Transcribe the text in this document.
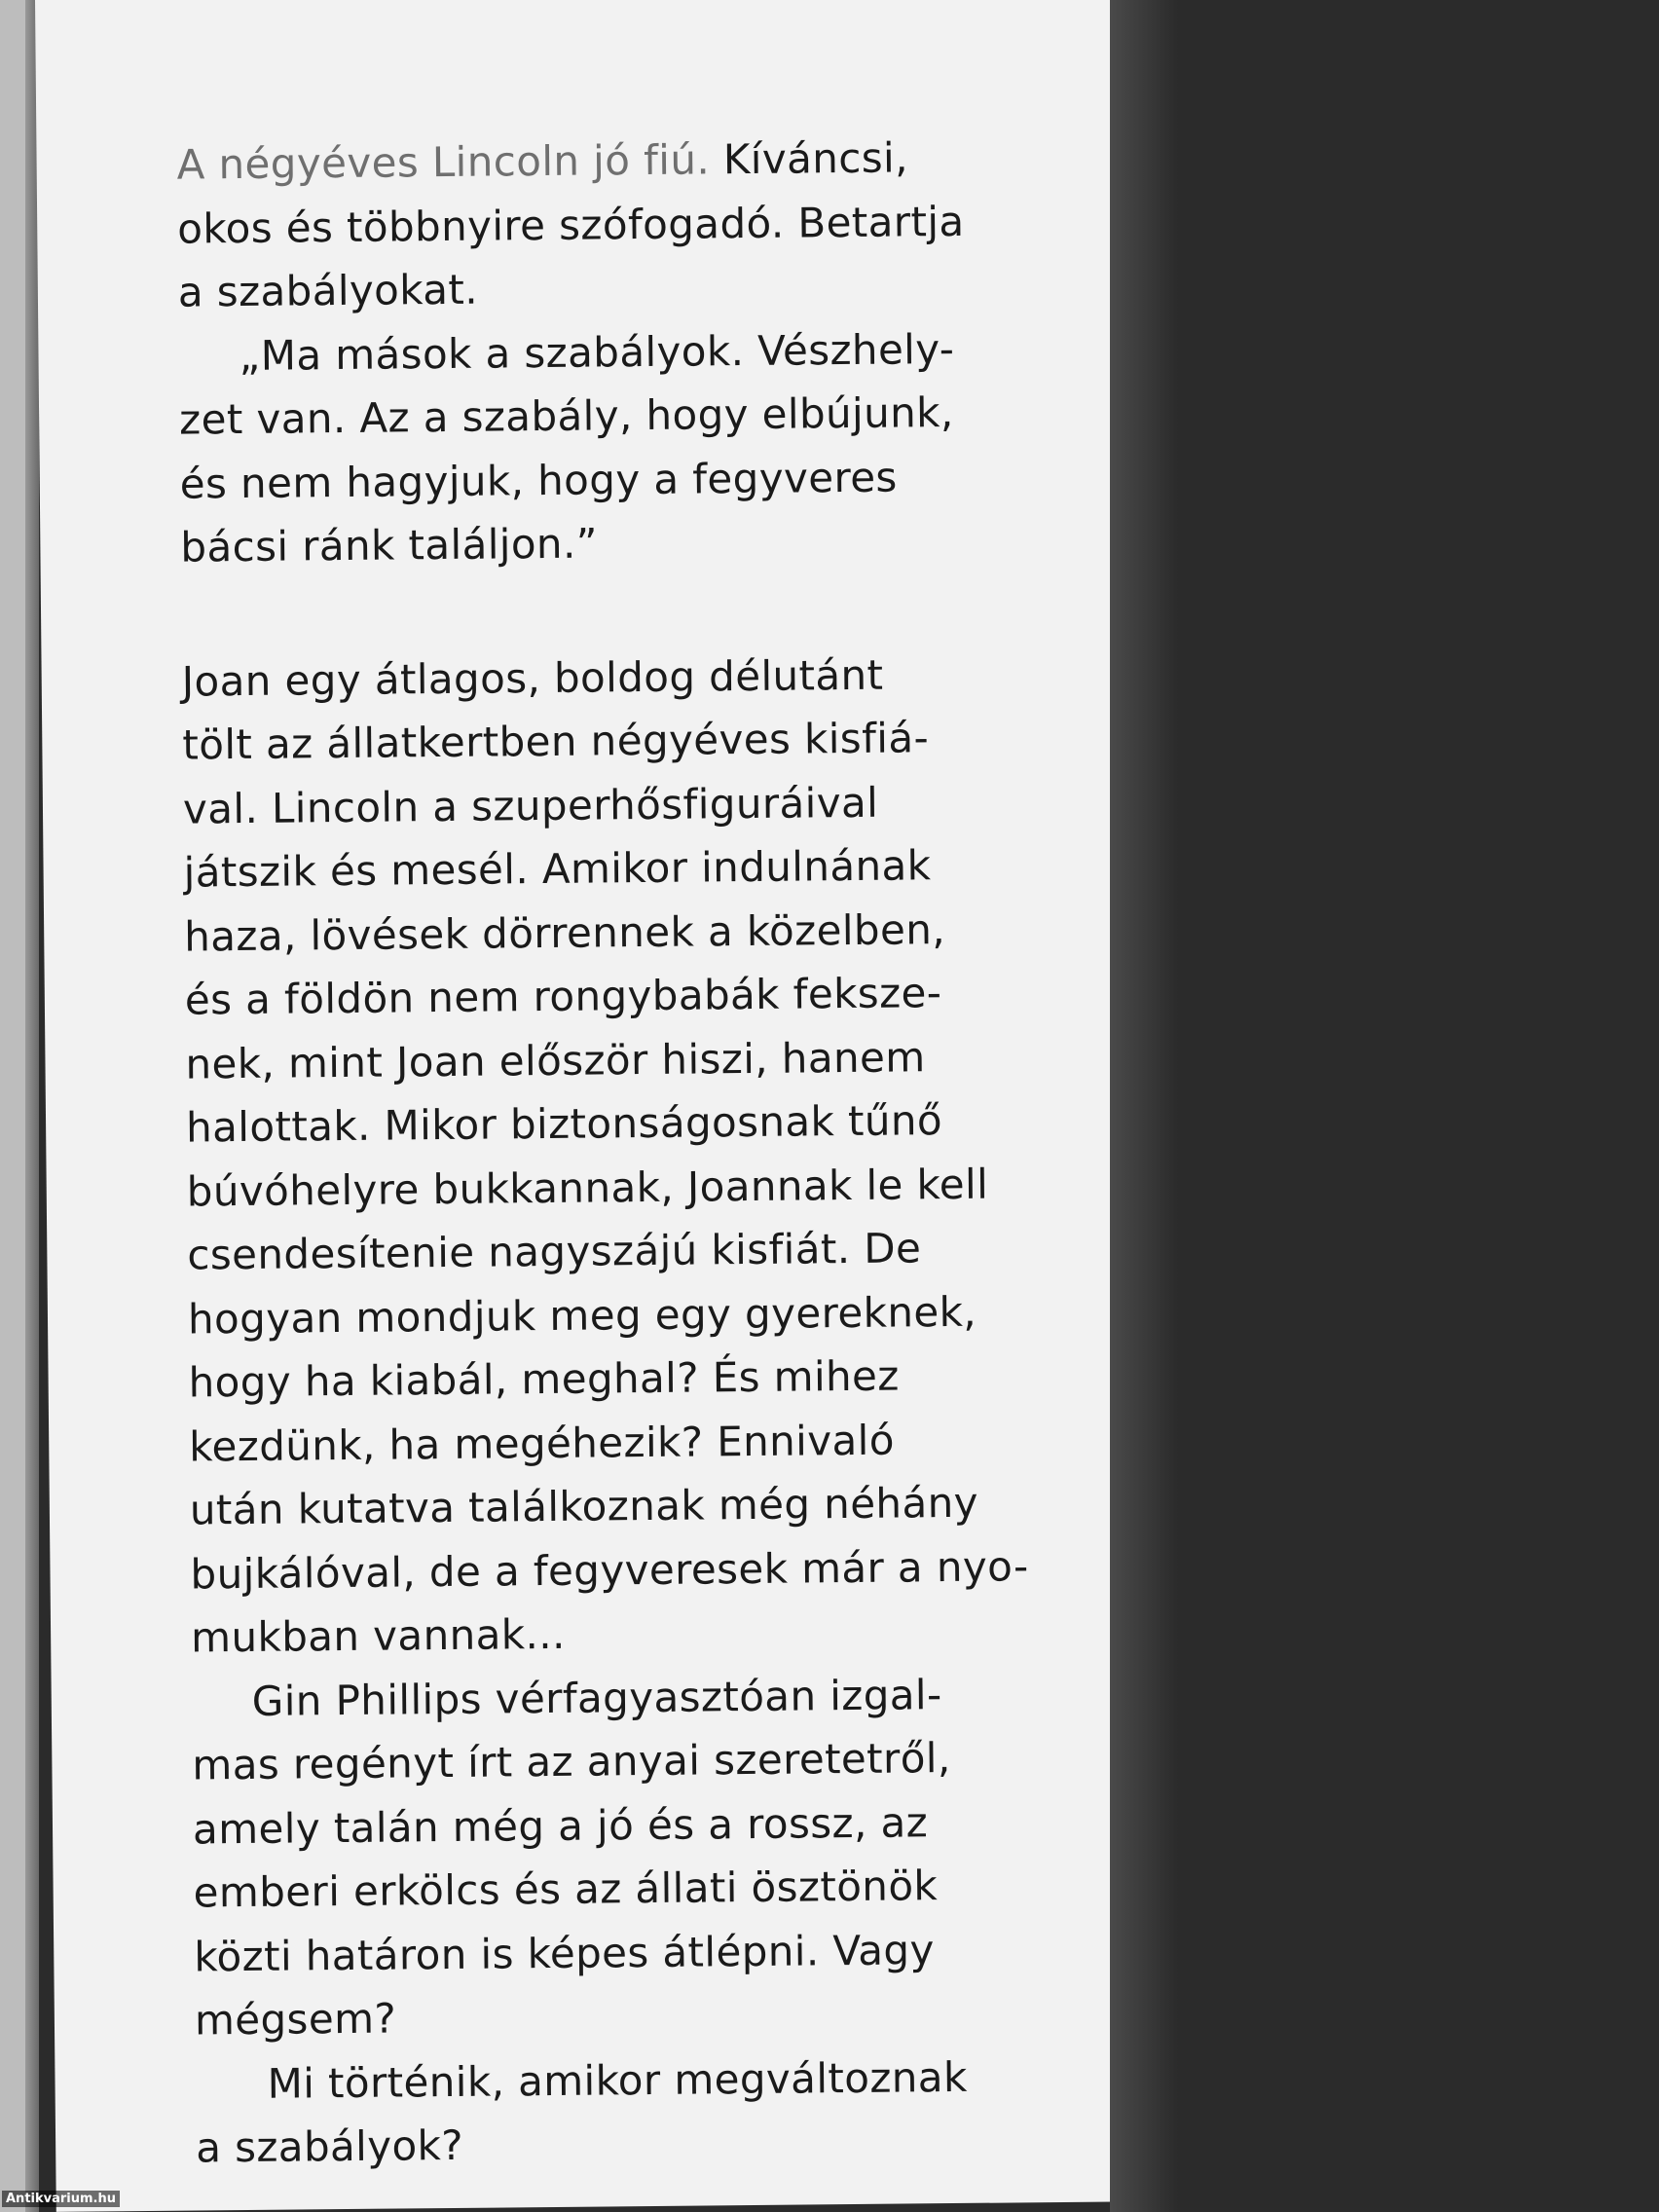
A négyéves Lincoln jó fiú. Kíváncsi,
okos és többnyire szófogadó. Betartja
a szabályokat.
„Ma mások a szabályok. Vészhely-
zet van. Az a szabály, hogy elbújunk,
és nem hagyjuk, hogy a fegyveres
bácsi ránk találjon.”
Joan egy átlagos, boldog délutánt
tölt az állatkertben négyéves kisfiá-
val. Lincoln a szuperhősfiguráival
játszik és mesél. Amikor indulnának
haza, lövések dörrennek a közelben,
és a földön nem rongybabák feksze-
nek, mint Joan először hiszi, hanem
halottak. Mikor biztonságosnak tűnő
búvóhelyre bukkannak, Joannak le kell
csendesítenie nagyszájú kisfiát. De
hogyan mondjuk meg egy gyereknek,
hogy ha kiabál, meghal? És mihez
kezdünk, ha megéhezik? Ennivaló
után kutatva találkoznak még néhány
bujkálóval, de a fegyveresek már a nyo-
mukban vannak...
Gin Phillips vérfagyasztóan izgal-
mas regényt írt az anyai szeretetről,
amely talán még a jó és a rossz, az
emberi erkölcs és az állati ösztönök
közti határon is képes átlépni. Vagy
mégsem?
Mi történik, amikor megváltoznak
a szabályok?
Antikvarium.hu
